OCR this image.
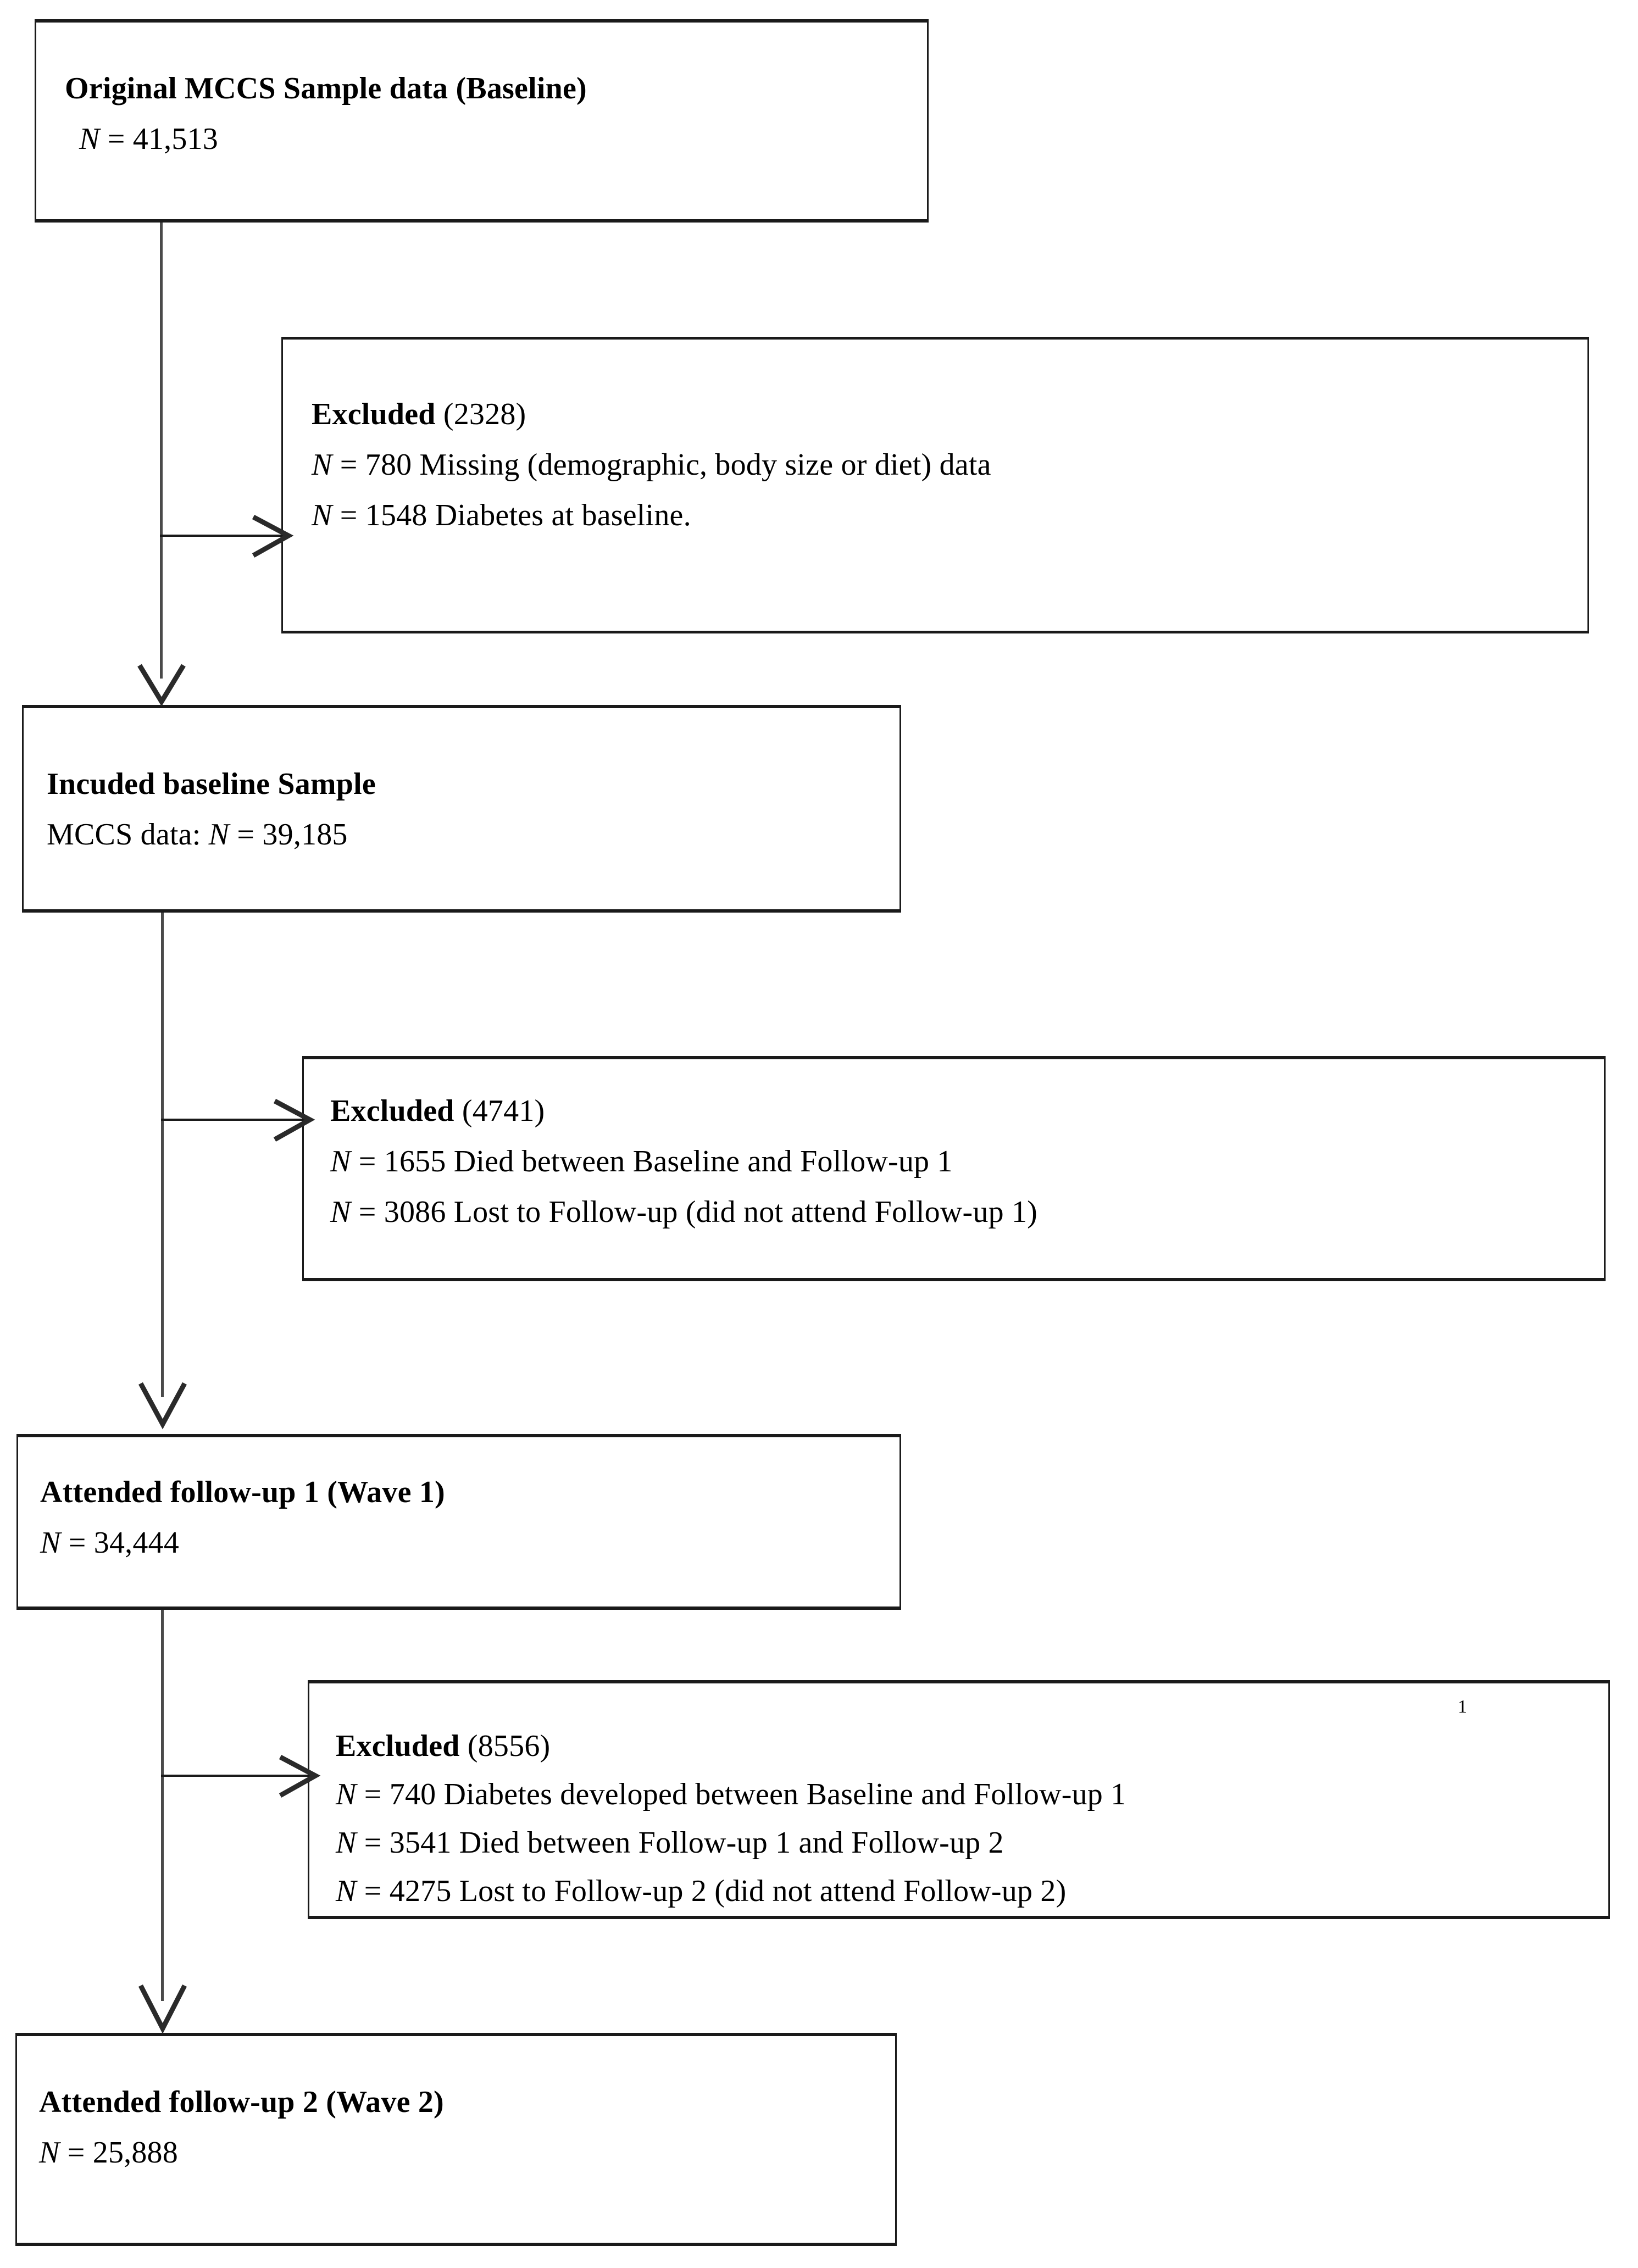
Original MCCS Sample data (Baseline)
N = 41,513
Excluded (2328)
N = 780 Missing (demographic, body size or diet) data
N = 1548 Diabetes at baseline.
Incuded baseline Sample
MCCS data: N = 39,185
Excluded (4741)
N = 1655 Died between Baseline and Follow-up 1
N = 3086 Lost to Follow-up (did not attend Follow-up 1)
Attended follow-up 1 (Wave 1)
N = 34,444
1
Excluded (8556)
N = 740 Diabetes developed between Baseline and Follow-up 1
N = 3541 Died between Follow-up 1 and Follow-up 2
N = 4275 Lost to Follow-up 2 (did not attend Follow-up 2)
Attended follow-up 2 (Wave 2)
N = 25,888
